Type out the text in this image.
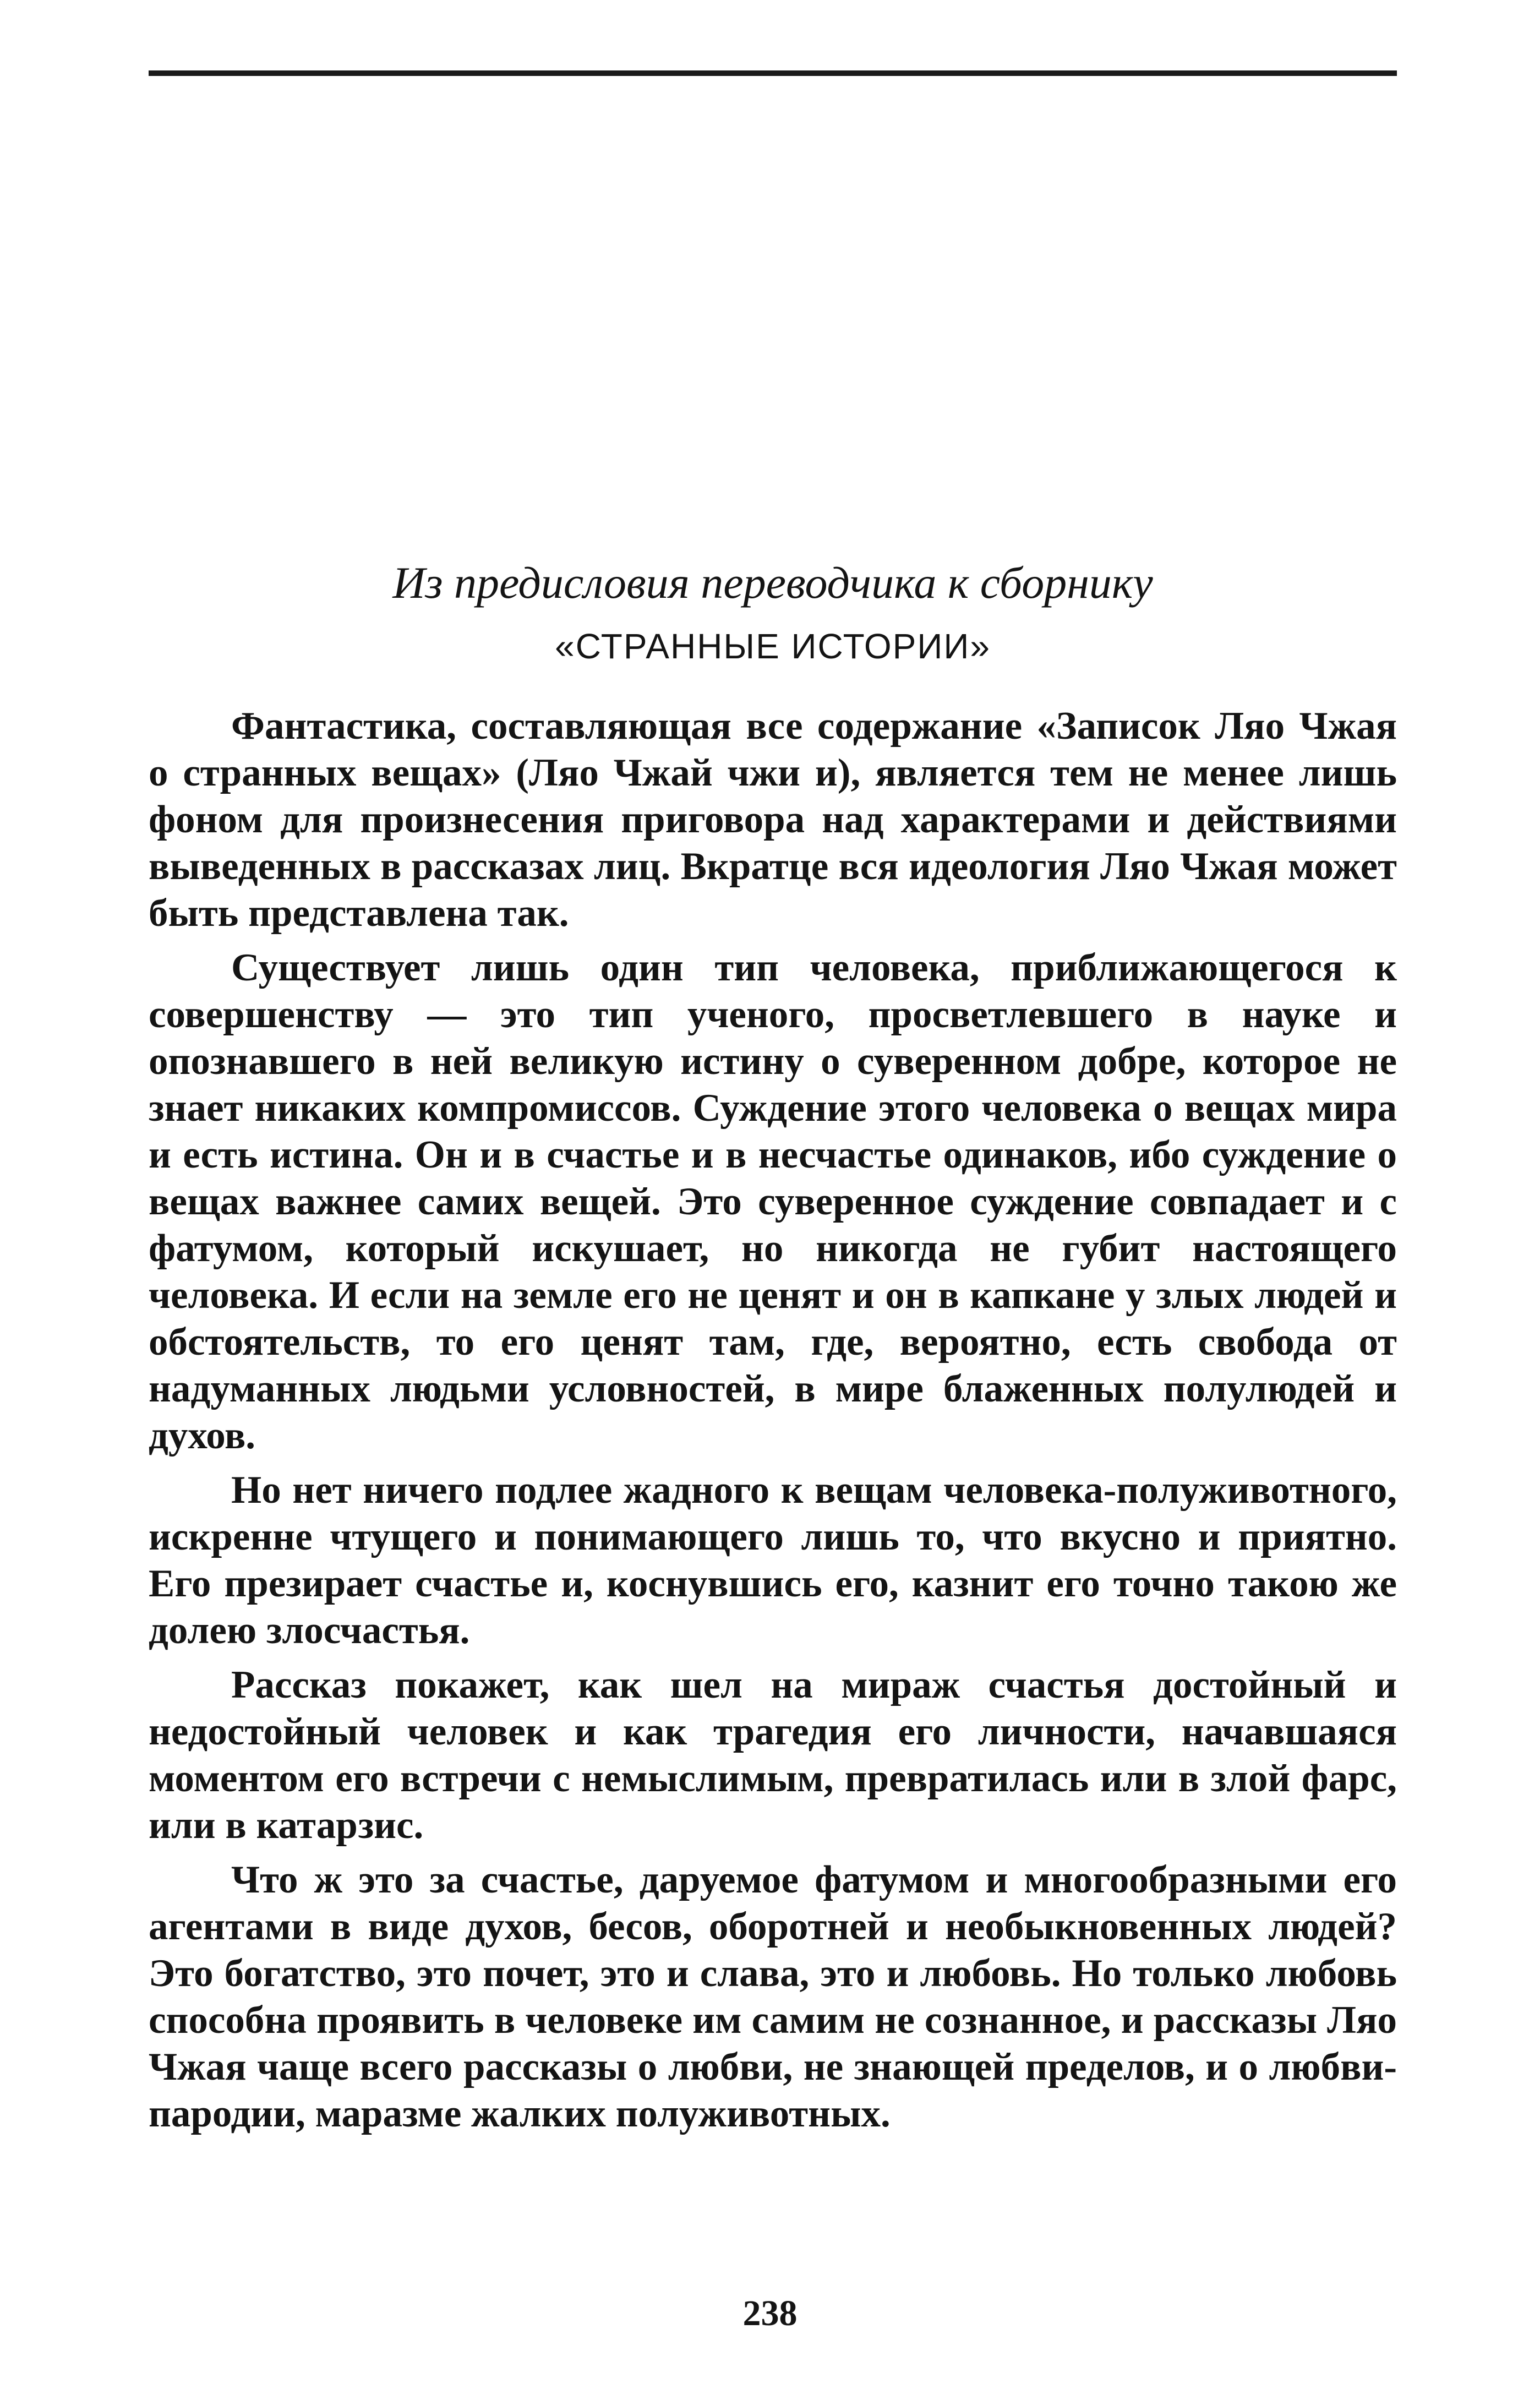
Из предисловия переводчика к сборнику
«СТРАННЫЕ ИСТОРИИ»

Фантастика, составляющая все содержание «Записок Ляо Чжая о странных вещах» (Ляо Чжай чжи и), является тем не менее лишь фоном для произнесения приговора над характерами и действиями выведенных в рассказах лиц. Вкратце вся идеология Ляо Чжая может быть представлена так.

Существует лишь один тип человека, приближающегося к совершенству — это тип ученого, просветлевшего в науке и опознавшего в ней великую истину о суверенном добре, которое не знает никаких компромиссов. Суждение этого человека о вещах мира и есть истина. Он и в счастье и в несчастье одинаков, ибо суждение о вещах важнее самих вещей. Это суверенное суждение совпадает и с фатумом, который искушает, но никогда не губит настоящего человека. И если на земле его не ценят и он в капкане у злых людей и обстоятельств, то его ценят там, где, вероятно, есть свобода от надуманных людьми условностей, в мире блаженных полулюдей и духов.

Но нет ничего подлее жадного к вещам человека-полуживотного, искренне чтущего и понимающего лишь то, что вкусно и приятно. Его презирает счастье и, коснувшись его, казнит его точно такою же долею злосчастья.

Рассказ покажет, как шел на мираж счастья достойный и недостойный человек и как трагедия его личности, начавшаяся моментом его встречи с немыслимым, превратилась или в злой фарс, или в катарзис.

Что ж это за счастье, даруемое фатумом и многообразными его агентами в виде духов, бесов, оборотней и необыкновенных людей? Это богатство, это почет, это и слава, это и любовь. Но только любовь способна проявить в человеке им самим не сознанное, и рассказы Ляо Чжая чаще всего рассказы о любви, не знающей пределов, и о любви-пародии, маразме жалких полуживотных.

238
